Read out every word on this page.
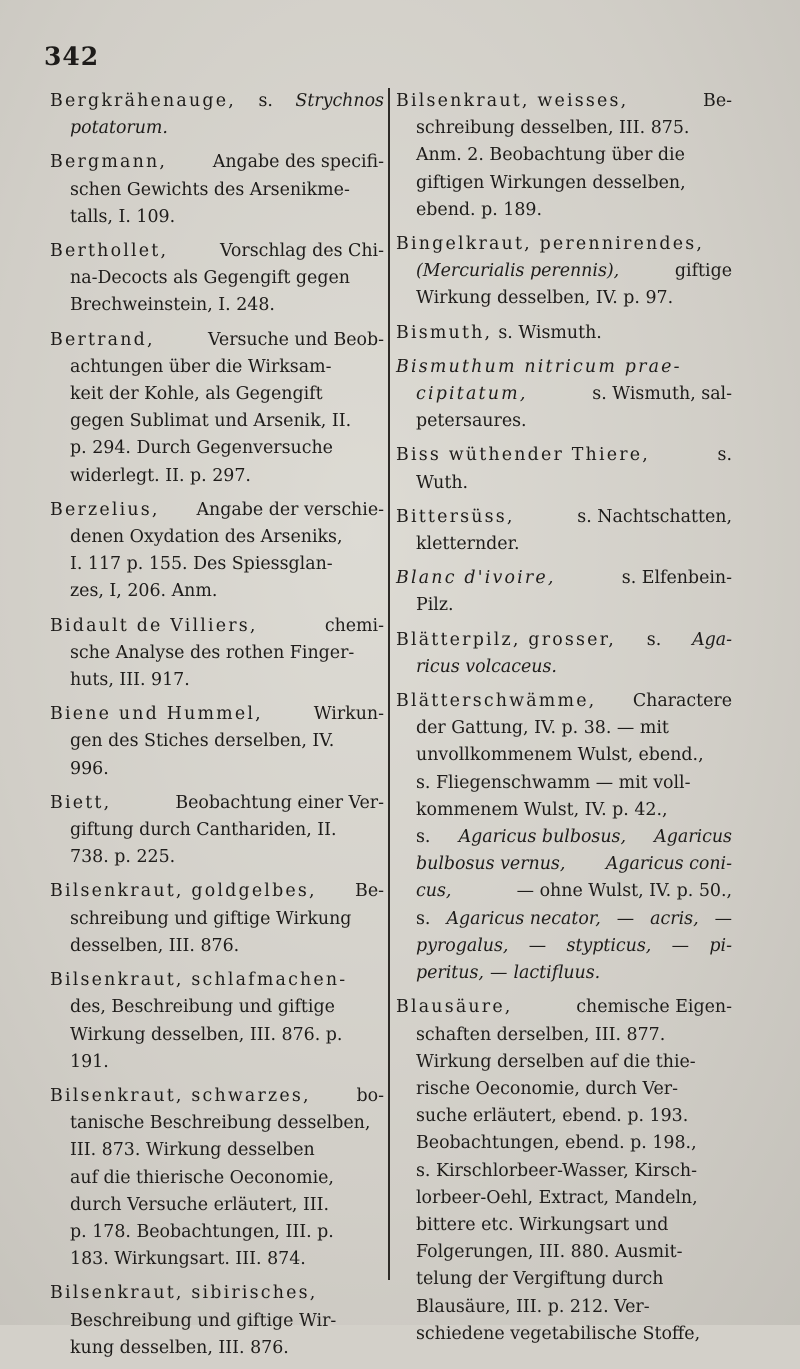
342
Bergkrähenauge, s. Strychnos
potatorum.
Bergmann,	Angabe des specifi-
schen Gewichts des Arsenikme-
talls, I. 109.
Berthollet,	Vorschlag des Chi-
na-Decocts als Gegengift gegen
Brechweinstein, I. 248.
Bertrand,	Versuche und Beob-
achtungen über die Wirksam-
keit der Kohle, als Gegengift
gegen Sublimat und Arsenik, II.
p. 294. Durch Gegenversuche
widerlegt. II. p. 297.
Berzelius, Angabe der verschie-
denen Oxydation des Arseniks,
I. 117 p. 155. Des Spiessglan-
zes, I, 206. Anm.
Bidault de Villiers,	chemi-
sche Analyse des rothen Finger-
huts, III. 917.
Biene und Hummel,	Wirkun-
gen des Stiches derselben, IV.
996.
Biett,	Beobachtung einer Ver-
giftung durch Canthariden, II.
738. p. 225.
Bilsenkraut, goldgelbes, Be-
schreibung und giftige Wirkung
desselben, III. 876.
Bilsenkraut, schlafmachen-
des, Beschreibung und giftige
Wirkung desselben, III. 876. p.
191.
Bilsenkraut, schwarzes,	bo-
tanische Beschreibung desselben,
III. 873. Wirkung desselben
auf die thierische Oeconomie,
durch Versuche erläutert, III.
p. 178. Beobachtungen, III. p.
183. Wirkungsart. III. 874.
Bilsenkraut, sibirisches,
Beschreibung und giftige Wir-
kung desselben, III. 876.
Bilsenkraut, weisses,	Be-
schreibung desselben, III. 875.
Anm. 2. Beobachtung über die
giftigen Wirkungen desselben,
ebend. p. 189.
Bingelkraut, perennirendes,
(Mercurialis perennis),	giftige
Wirkung desselben, IV. p. 97.
Bismuth, s. Wismuth.
Bismuthum nitricum prae-
cipitatum,	s. Wismuth, sal-
petersaures.
Biss wüthender Thiere,	s.
Wuth.
Bittersüss,	s. Nachtschatten,
kletternder.
Blanc d'ivoire,	s. Elfenbein-
Pilz.
Blätterpilz, grosser, s. Aga-
ricus volcaceus.
Blätterschwämme, Charactere
der Gattung, IV. p. 38. — mit
unvollkommenem Wulst, ebend.,
s. Fliegenschwamm — mit voll-
kommenem Wulst, IV. p. 42.,
s. Agaricus bulbosus, Agaricus
bulbosus vernus, Agaricus coni-
cus,	— ohne Wulst, IV. p. 50.,
s. Agaricus necator, — acris, —
pyrogalus, — stypticus, — pi-
peritus, — lactifluus.
Blausäure,	chemische Eigen-
schaften derselben, III. 877.
Wirkung derselben auf die thie-
rische Oeconomie, durch Ver-
suche erläutert, ebend. p. 193.
Beobachtungen, ebend. p. 198.,
s. Kirschlorbeer-Wasser, Kirsch-
lorbeer-Oehl, Extract, Mandeln,
bittere etc. Wirkungsart und
Folgerungen, III. 880. Ausmit-
telung der Vergiftung durch
Blausäure, III. p. 212. Ver-
schiedene vegetabilische Stoffe,
